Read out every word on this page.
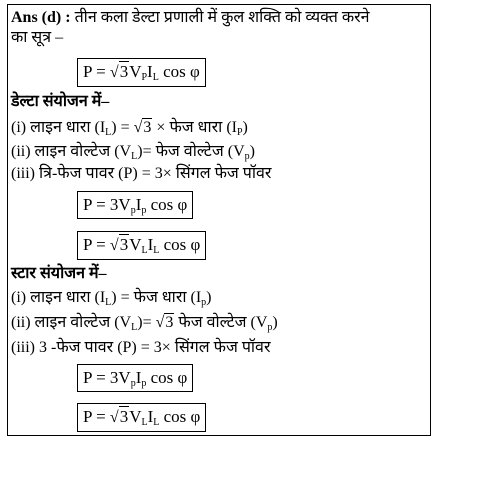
Ans (d) : तीन कला डेल्टा प्रणाली में कुल शक्ति को व्यक्त करने
का सूत्र –
$P = √3V_PI_L$ cos φ
डेल्टा संयोजन में–
(i) लाइन धारा $(I_L) = √3$ × फेज धारा $(I_P)$
(ii) लाइन वोल्टेज $(V_L)=$ फेज वोल्टेज $(V_p)$
(iii) त्रि-फेज पावर (P) = 3× सिंगल फेज पॉवर
$P = 3V_pI_p$ cos φ
$P = √3V_LI_L$ cos φ
स्टार संयोजन में–
(i) लाइन धारा $(I_L)$ = फेज धारा $(I_p)$
(ii) लाइन वोल्टेज $(V_L)= √3$ फेज वोल्टेज $(V_p)$
(iii) 3 -फेज पावर (P) = 3× सिंगल फेज पॉवर
$P = 3V_pI_p$ cos φ
$P = √3V_LI_L$ cos φ
